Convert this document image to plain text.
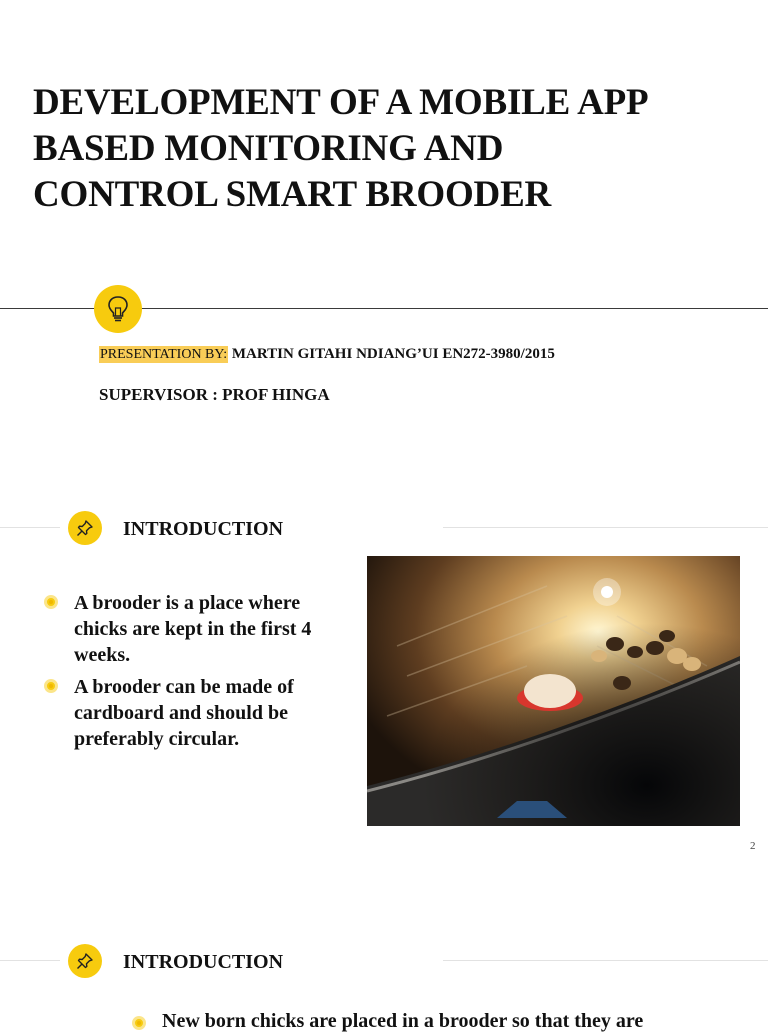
DEVELOPMENT OF A MOBILE APP
BASED MONITORING AND
CONTROL SMART BROODER
PRESENTATION BY: MARTIN GITAHI NDIANG’UI EN272-3980/2015
SUPERVISOR : PROF HINGA
INTRODUCTION
A brooder is a place where chicks are kept in the first 4 weeks.
A brooder can be made of cardboard and should be preferably circular.
2
INTRODUCTION
New born chicks are placed in a brooder so that they are
